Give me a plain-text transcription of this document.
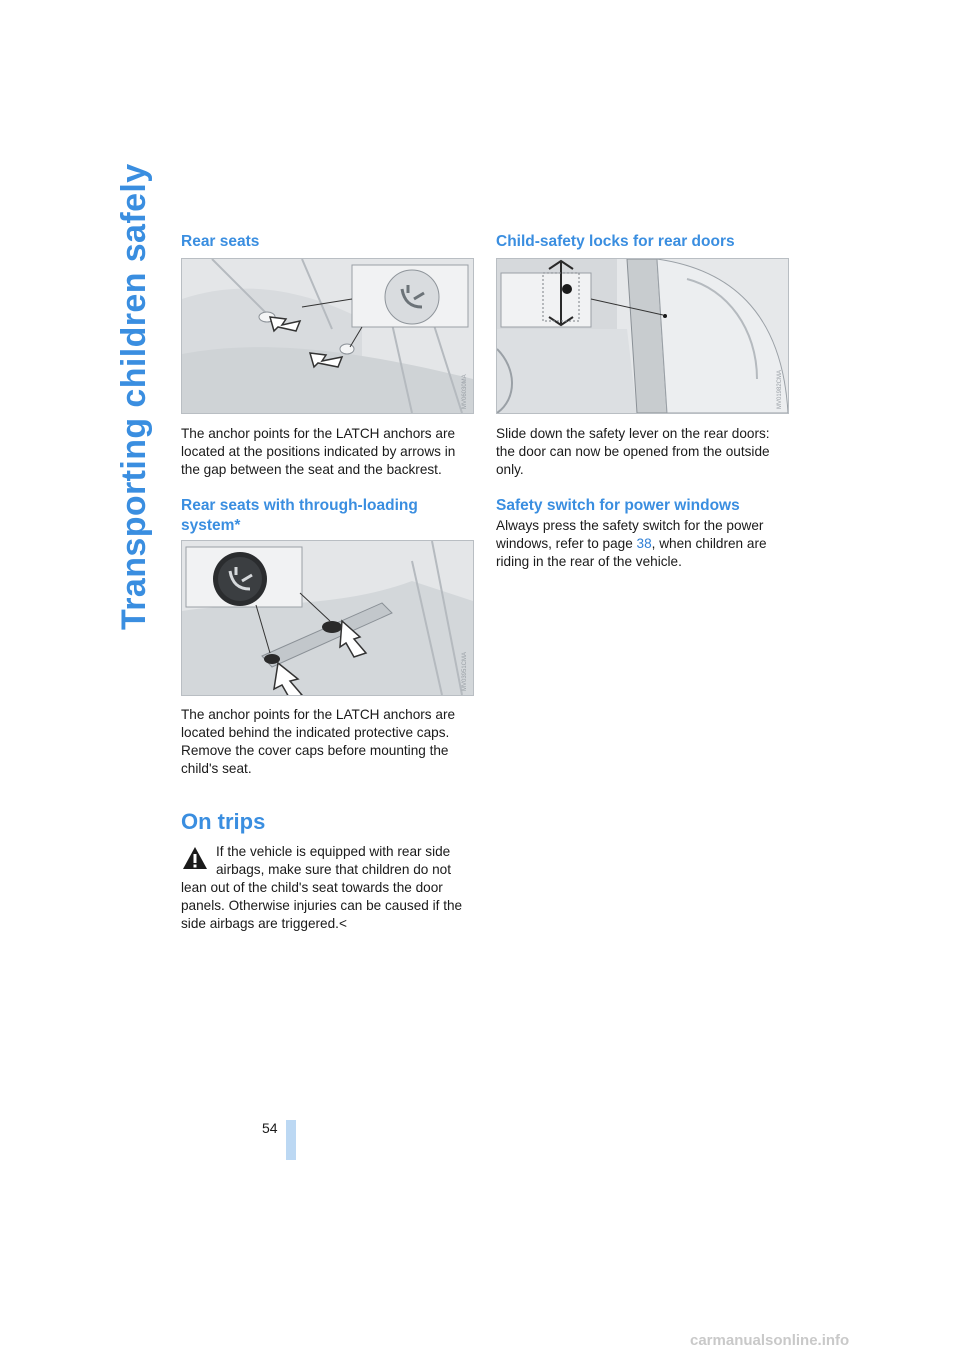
Transporting children safely Rear seats
MV06030MA

The anchor points for the LATCH anchors are located at the positions indicated by arrows in the gap between the seat and the backrest.

Rear seats with through-loading
system*
MV03951CMA

The anchor points for the LATCH anchors are located behind the indicated protective caps. Remove the cover caps before mounting the child's seat.

On trips

If the vehicle is equipped with rear side

airbags, make sure that children do not

lean out of the child's seat towards the door panels. Otherwise injuries can be caused if the side airbags are triggered.<

Child-safety locks for rear doors
MV01982CMA

Slide down the safety lever on the rear doors: the door can now be opened from the outside only.

Safety switch for power windows

Always press the safety switch for the power windows, refer to page 38, when children are riding in the rear of the vehicle.

54
carmanualsonline.info
